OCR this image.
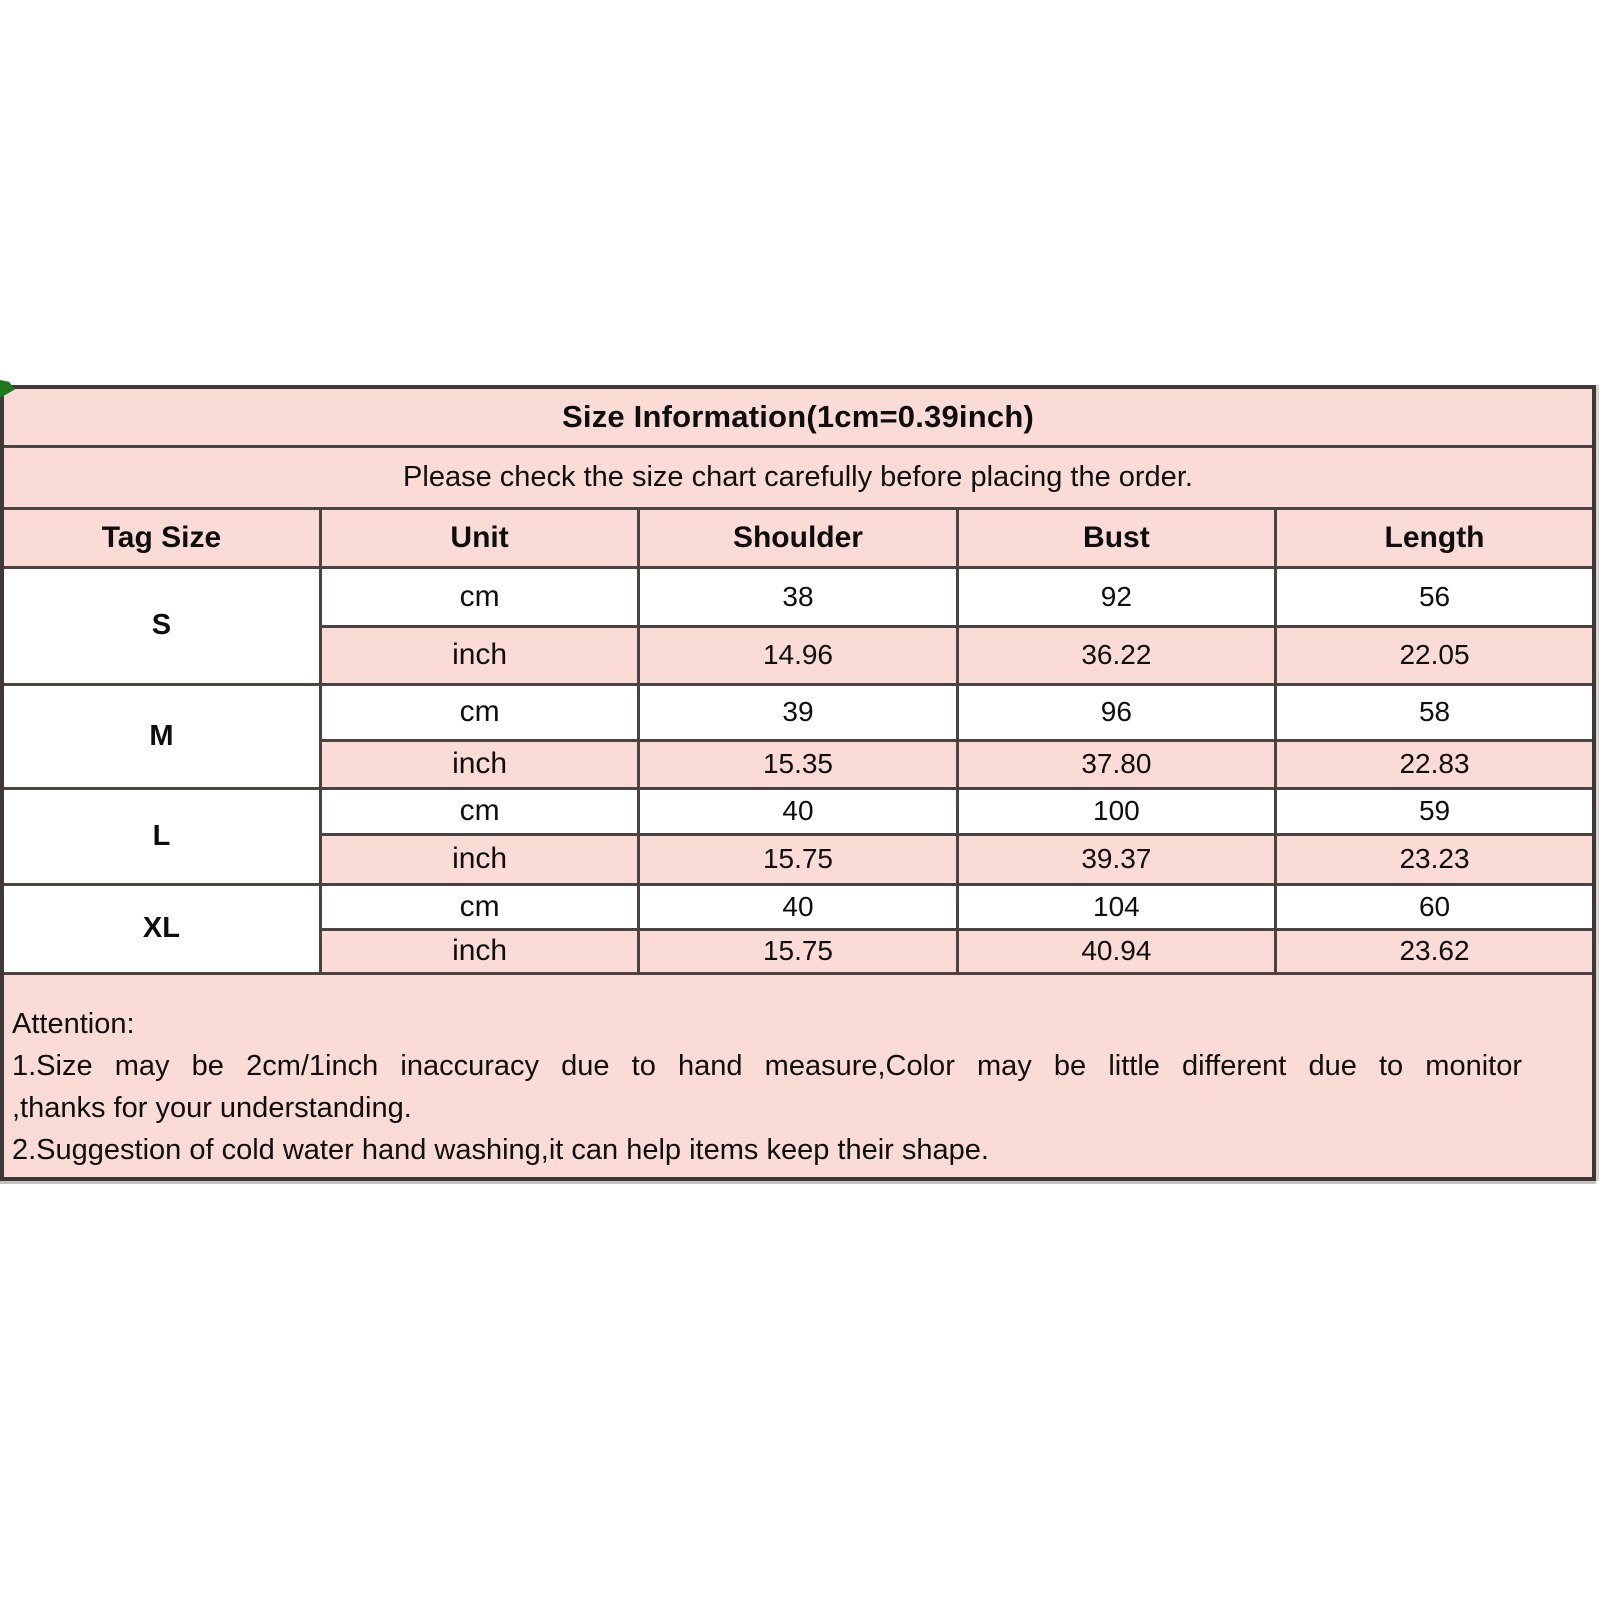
Size Information(1cm=0.39inch)				
Please check the size chart carefully before placing the order.				
Tag Size	Unit	Shoulder	Bust	Length
S	cm	38	92	56
	inch	14.96	36.22	22.05
M	cm	39	96	58
	inch	15.35	37.80	22.83
L	cm	40	100	59
	inch	15.75	39.37	23.23
XL	cm	40	104	60
	inch	15.75	40.94	23.62

Attention:
1.Size may be 2cm/1inch inaccuracy due to hand measure,Color may be little different due to monitor
,thanks for your understanding.
2.Suggestion of cold water hand washing,it can help items keep their shape.				
